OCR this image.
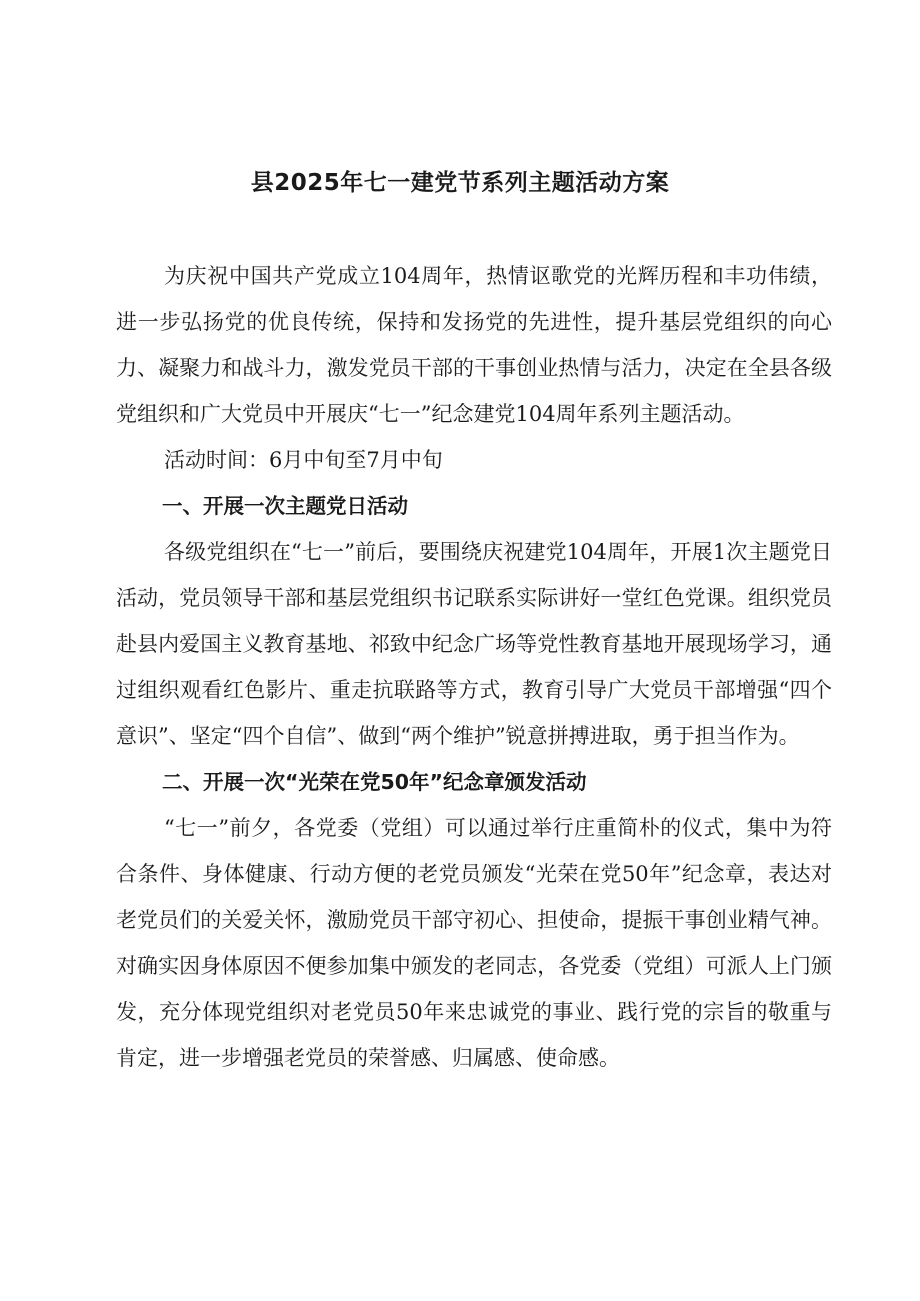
县2025年七一建党节系列主题活动方案

为庆祝中国共产党成立104周年，热情讴歌党的光辉历程和丰功伟绩，进一步弘扬党的优良传统，保持和发扬党的先进性，提升基层党组织的向心力、凝聚力和战斗力，激发党员干部的干事创业热情与活力，决定在全县各级党组织和广大党员中开展庆“七一”纪念建党104周年系列主题活动。

活动时间：6月中旬至7月中旬

一、开展一次主题党日活动

各级党组织在“七一”前后，要围绕庆祝建党104周年，开展1次主题党日活动，党员领导干部和基层党组织书记联系实际讲好一堂红色党课。组织党员赴县内爱国主义教育基地、祁致中纪念广场等党性教育基地开展现场学习，通过组织观看红色影片、重走抗联路等方式，教育引导广大党员干部增强“四个意识”、坚定“四个自信”、做到“两个维护”锐意拼搏进取，勇于担当作为。

二、开展一次“光荣在党50年”纪念章颁发活动

“七一”前夕，各党委（党组）可以通过举行庄重简朴的仪式，集中为符合条件、身体健康、行动方便的老党员颁发“光荣在党50年”纪念章，表达对老党员们的关爱关怀，激励党员干部守初心、担使命，提振干事创业精气神。对确实因身体原因不便参加集中颁发的老同志，各党委（党组）可派人上门颁发，充分体现党组织对老党员50年来忠诚党的事业、践行党的宗旨的敬重与肯定，进一步增强老党员的荣誉感、归属感、使命感。
